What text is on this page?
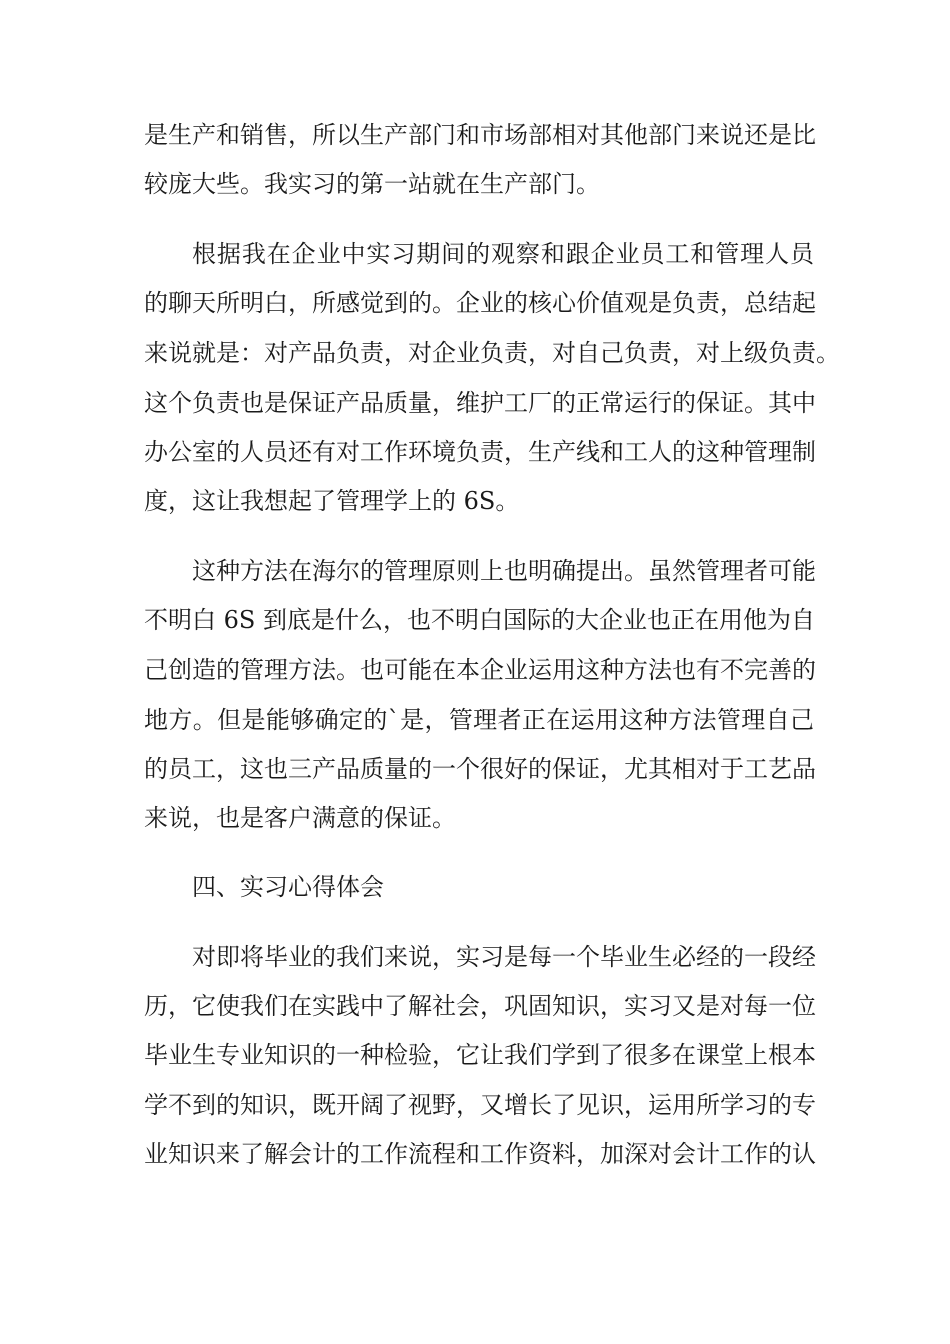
是生产和销售，所以生产部门和市场部相对其他部门来说还是比
较庞大些。我实习的第一站就在生产部门。
根据我在企业中实习期间的观察和跟企业员工和管理人员
的聊天所明白，所感觉到的。企业的核心价值观是负责，总结起
来说就是：对产品负责，对企业负责，对自己负责，对上级负责。
这个负责也是保证产品质量，维护工厂的正常运行的保证。其中
办公室的人员还有对工作环境负责，生产线和工人的这种管理制
度，这让我想起了管理学上的 6S。
这种方法在海尔的管理原则上也明确提出。虽然管理者可能
不明白 6S 到底是什么，也不明白国际的大企业也正在用他为自
己创造的管理方法。也可能在本企业运用这种方法也有不完善的
地方。但是能够确定的`是，管理者正在运用这种方法管理自己
的员工，这也三产品质量的一个很好的保证，尤其相对于工艺品
来说，也是客户满意的保证。
四、实习心得体会
对即将毕业的我们来说，实习是每一个毕业生必经的一段经
历，它使我们在实践中了解社会，巩固知识，实习又是对每一位
毕业生专业知识的一种检验，它让我们学到了很多在课堂上根本
学不到的知识，既开阔了视野，又增长了见识，运用所学习的专
业知识来了解会计的工作流程和工作资料，加深对会计工作的认
